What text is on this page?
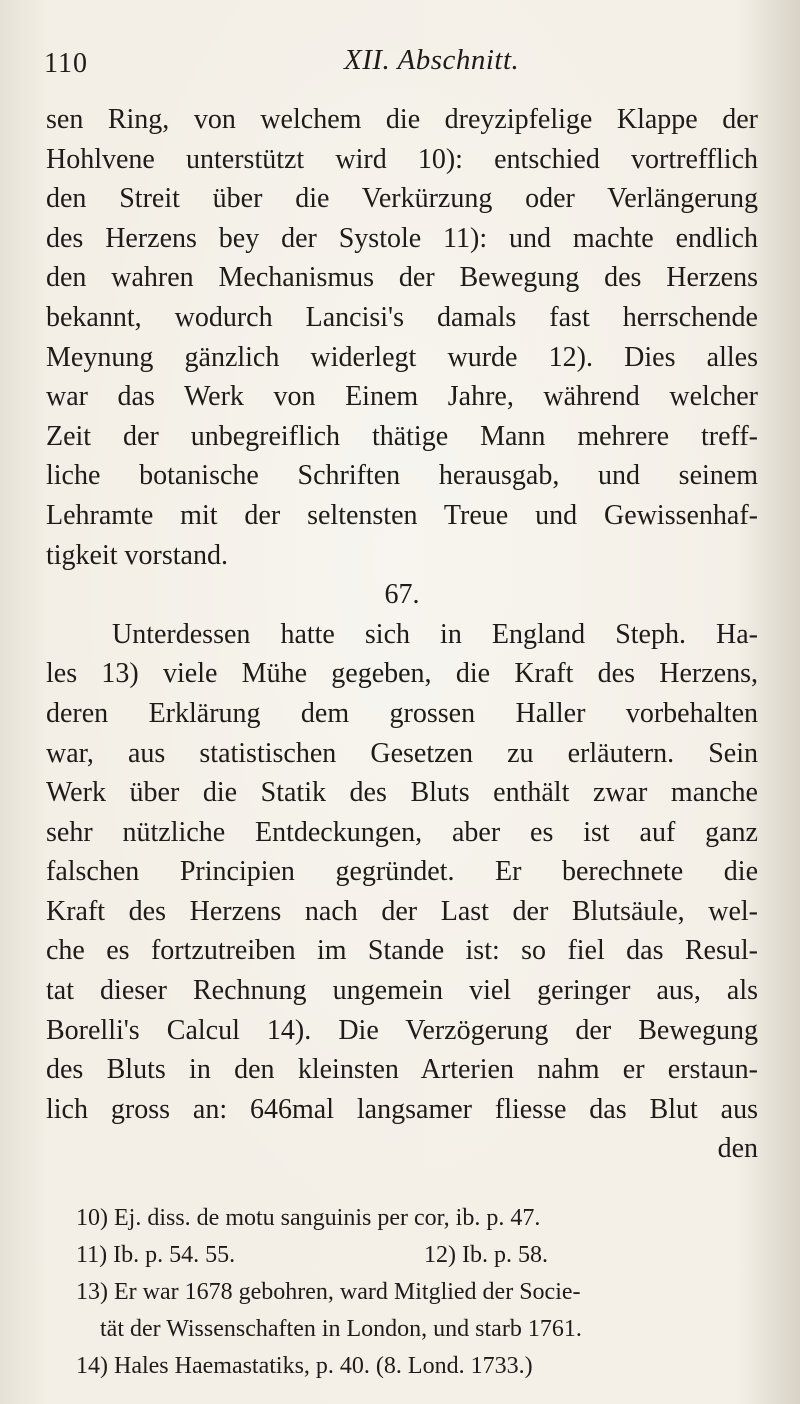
110	XII. Abschnitt.
sen Ring, von welchem die dreyzipfelige Klappe der
Hohlvene unterstützt wird 10): entschied vortrefflich
den Streit über die Verkürzung oder Verlängerung
des Herzens bey der Systole 11): und machte endlich
den wahren Mechanismus der Bewegung des Herzens
bekannt, wodurch Lancisi's damals fast herrschende
Meynung gänzlich widerlegt wurde 12). Dies alles
war das Werk von Einem Jahre, während welcher
Zeit der unbegreiflich thätige Mann mehrere treff-
liche botanische Schriften herausgab, und seinem
Lehramte mit der seltensten Treue und Gewissenhaf-
tigkeit vorstand.
67.
Unterdessen hatte sich in England Steph. Ha-
les 13) viele Mühe gegeben, die Kraft des Herzens,
deren Erklärung dem grossen Haller vorbehalten
war, aus statistischen Gesetzen zu erläutern. Sein
Werk über die Statik des Bluts enthält zwar manche
sehr nützliche Entdeckungen, aber es ist auf ganz
falschen Principien gegründet. Er berechnete die
Kraft des Herzens nach der Last der Blutsäule, wel-
che es fortzutreiben im Stande ist: so fiel das Resul-
tat dieser Rechnung ungemein viel geringer aus, als
Borelli's Calcul 14). Die Verzögerung der Bewegung
des Bluts in den kleinsten Arterien nahm er erstaun-
lich gross an: 646mal langsamer fliesse das Blut aus
den
10) Ej. diss. de motu sanguinis per cor, ib. p. 47.
11) Ib. p. 54. 55.	12) Ib. p. 58.
13) Er war 1678 gebohren, ward Mitglied der Socie-
tät der Wissenschaften in London, und starb 1761.
14) Hales Haemastatiks, p. 40. (8. Lond. 1733.)
